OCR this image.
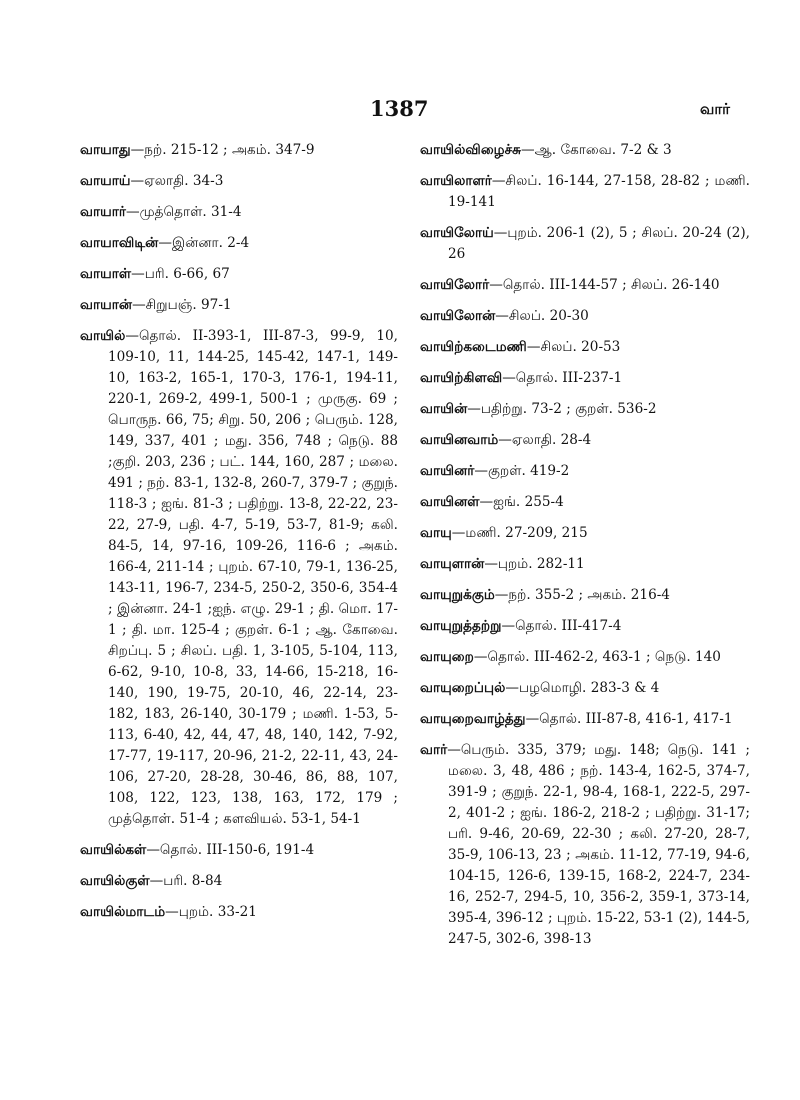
1387	வார்

வாயாது—நற். 215-12 ; அகம். 347-9

வாயாய்—ஏலாதி. 34-3

வாயார்—முத்தொள். 31-4

வாயாவிடின்—இன்னா. 2-4

வாயாள்—பரி. 6-66, 67

வாயான்—சிறுபஞ். 97-1

வாயில்—தொல். II-393-1, III-87-3, 99-9, 10, 109-10, 11, 144-25, 145-42, 147-1, 149-10, 163-2, 165-1, 170-3, 176-1, 194-11, 220-1, 269-2, 499-1, 500-1 ; முருகு. 69 ; பொருந. 66, 75; சிறு. 50, 206 ; பெரும். 128, 149, 337, 401 ; மது. 356, 748 ; நெடு. 88 ;குறி. 203, 236 ; பட். 144, 160, 287 ; மலை. 491 ; நற். 83-1, 132-8, 260-7, 379-7 ; குறுந். 118-3 ; ஐங். 81-3 ; பதிற்று. 13-8, 22-22, 23-22, 27-9, பதி. 4-7, 5-19, 53-7, 81-9; கலி. 84-5, 14, 97-16, 109-26, 116-6 ; அகம். 166-4, 211-14 ; புறம். 67-10, 79-1, 136-25, 143-11, 196-7, 234-5, 250-2, 350-6, 354-4 ; இன்னா. 24-1 ;ஐந். எழு. 29-1 ; தி. மொ. 17-1 ; தி. மா. 125-4 ; குறள். 6-1 ; ஆ. கோவை. சிறப்பு. 5 ; சிலப். பதி. 1, 3-105, 5-104, 113, 6-62, 9-10, 10-8, 33, 14-66, 15-218, 16-140, 190, 19-75, 20-10, 46, 22-14, 23-182, 183, 26-140, 30-179 ; மணி. 1-53, 5-113, 6-40, 42, 44, 47, 48, 140, 142, 7-92, 17-77, 19-117, 20-96, 21-2, 22-11, 43, 24-106, 27-20, 28-28, 30-46, 86, 88, 107, 108, 122, 123, 138, 163, 172, 179 ; முத்தொள். 51-4 ; களவியல். 53-1, 54-1

வாயில்கள்—தொல். III-150-6, 191-4

வாயில்குள்—பரி. 8-84

வாயில்மாடம்—புறம். 33-21

வாயில்விழைச்சு—ஆ. கோவை. 7-2 & 3

வாயிலாளர்—சிலப். 16-144, 27-158, 28-82 ; மணி. 19-141

வாயிலோய்—புறம். 206-1 (2), 5 ; சிலப். 20-24 (2), 26

வாயிலோர்—தொல். III-144-57 ; சிலப். 26-140

வாயிலோன்—சிலப். 20-30

வாயிற்கடைமணி—சிலப். 20-53

வாயிற்கிளவி—தொல். III-237-1

வாயின்—பதிற்று. 73-2 ; குறள். 536-2

வாயினவாம்—ஏலாதி. 28-4

வாயினர்—குறள். 419-2

வாயினள்—ஐங். 255-4

வாயு—மணி. 27-209, 215

வாயுளான்—புறம். 282-11

வாயுறுக்கும்—நற். 355-2 ; அகம். 216-4

வாயுறுத்தற்று—தொல். III-417-4

வாயுறை—தொல். III-462-2, 463-1 ; நெடு. 140

வாயுறைப்புல்—பழமொழி. 283-3 & 4

வாயுறைவாழ்த்து—தொல். III-87-8, 416-1, 417-1

வார்—பெரும். 335, 379; மது. 148; நெடு. 141 ; மலை. 3, 48, 486 ; நற். 143-4, 162-5, 374-7, 391-9 ; குறுந். 22-1, 98-4, 168-1, 222-5, 297-2, 401-2 ; ஐங். 186-2, 218-2 ; பதிற்று. 31-17; பரி. 9-46, 20-69, 22-30 ; கலி. 27-20, 28-7, 35-9, 106-13, 23 ; அகம். 11-12, 77-19, 94-6, 104-15, 126-6, 139-15, 168-2, 224-7, 234-16, 252-7, 294-5, 10, 356-2, 359-1, 373-14, 395-4, 396-12 ; புறம். 15-22, 53-1 (2), 144-5, 247-5, 302-6, 398-13
